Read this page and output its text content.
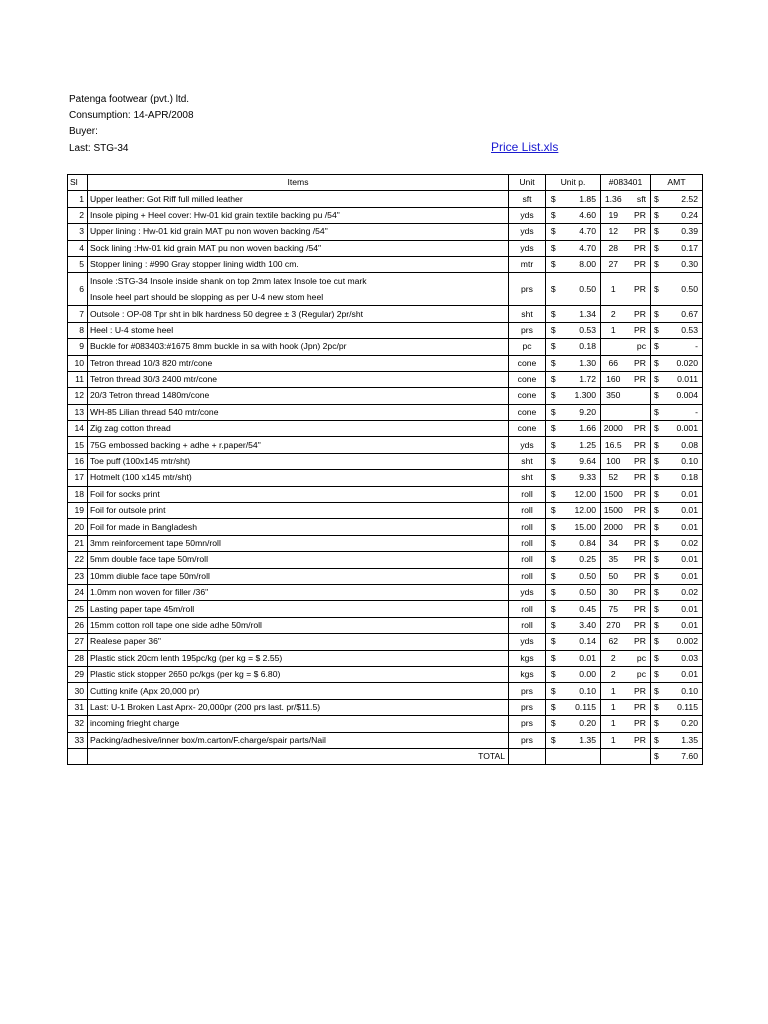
Patenga footwear (pvt.) ltd.
Consumption: 14-APR/2008
Buyer:
Last: STG-34	Price List.xls
Sl	Items	Unit	Unit p.		#083401		AMT	
1	Upper leather: Got Riff full milled leather	sft	$	1.85	1.36	sft	$	2.52
2	Insole piping + Heel cover: Hw-01 kid grain textile backing pu /54"	yds	$	4.60	19	PR	$	0.24
3	Upper lining : Hw-01 kid grain MAT pu non woven backing /54"	yds	$	4.70	12	PR	$	0.39
4	Sock lining :Hw-01 kid grain MAT pu non woven backing /54"	yds	$	4.70	28	PR	$	0.17
5	Stopper lining : #990 Gray stopper lining width 100 cm.	mtr	$	8.00	27	PR	$	0.30
6	Insole :STG-34 Insole inside shank on top 2mm latex Insole toe cut mark
Insole heel part should be slopping as per U-4 new stom heel	prs	$	0.50	1	PR	$	0.50
7	Outsole : OP-08 Tpr sht in blk hardness 50 degree ± 3 (Regular) 2pr/sht	sht	$	1.34	2	PR	$	0.67
8	Heel : U-4 stome heel	prs	$	0.53	1	PR	$	0.53
9	Buckle for #083403:#1675 8mm buckle in sa with hook (Jpn) 2pc/pr	pc	$	0.18		pc	$	-
10	Tetron thread 10/3 820 mtr/cone	cone	$	1.30	66	PR	$	0.020
11	Tetron thread 30/3 2400 mtr/cone	cone	$	1.72	160	PR	$	0.011
12	20/3 Tetron thread 1480m/cone	cone	$	1.300	350		$	0.004
13	WH-85 Lilian thread 540 mtr/cone	cone	$	9.20			$	-
14	Zig zag cotton thread	cone	$	1.66	2000	PR	$	0.001
15	75G embossed backing + adhe + r.paper/54"	yds	$	1.25	16.5	PR	$	0.08
16	Toe puff (100x145 mtr/sht)	sht	$	9.64	100	PR	$	0.10
17	Hotmelt (100 x145 mtr/sht)	sht	$	9.33	52	PR	$	0.18
18	Foil for socks print	roll	$	12.00	1500	PR	$	0.01
19	Foil for outsole print	roll	$	12.00	1500	PR	$	0.01
20	Foil for made in Bangladesh	roll	$	15.00	2000	PR	$	0.01
21	3mm reinforcement tape 50mn/roll	roll	$	0.84	34	PR	$	0.02
22	5mm double face tape 50m/roll	roll	$	0.25	35	PR	$	0.01
23	10mm diuble face tape 50m/roll	roll	$	0.50	50	PR	$	0.01
24	1.0mm non woven for filler /36"	yds	$	0.50	30	PR	$	0.02
25	Lasting paper tape 45m/roll	roll	$	0.45	75	PR	$	0.01
26	15mm cotton roll tape one side adhe 50m/roll	roll	$	3.40	270	PR	$	0.01
27	Realese paper 36"	yds	$	0.14	62	PR	$	0.002
28	Plastic stick 20cm lenth 195pc/kg (per kg = $ 2.55)	kgs	$	0.01	2	pc	$	0.03
29	Plastic stick stopper 2650 pc/kgs (per kg = $ 6.80)	kgs	$	0.00	2	pc	$	0.01
30	Cutting knife (Apx 20,000 pr)	prs	$	0.10	1	PR	$	0.10
31	Last: U-1 Broken Last Aprx- 20,000pr (200 prs last. pr/$11.5)	prs	$	0.115	1	PR	$	0.115
32	incoming frieght charge	prs	$	0.20	1	PR	$	0.20
33	Packing/adhesive/inner box/m.carton/F.charge/spair parts/Nail	prs	$	1.35	1	PR	$	1.35
	TOTAL						$	7.60
